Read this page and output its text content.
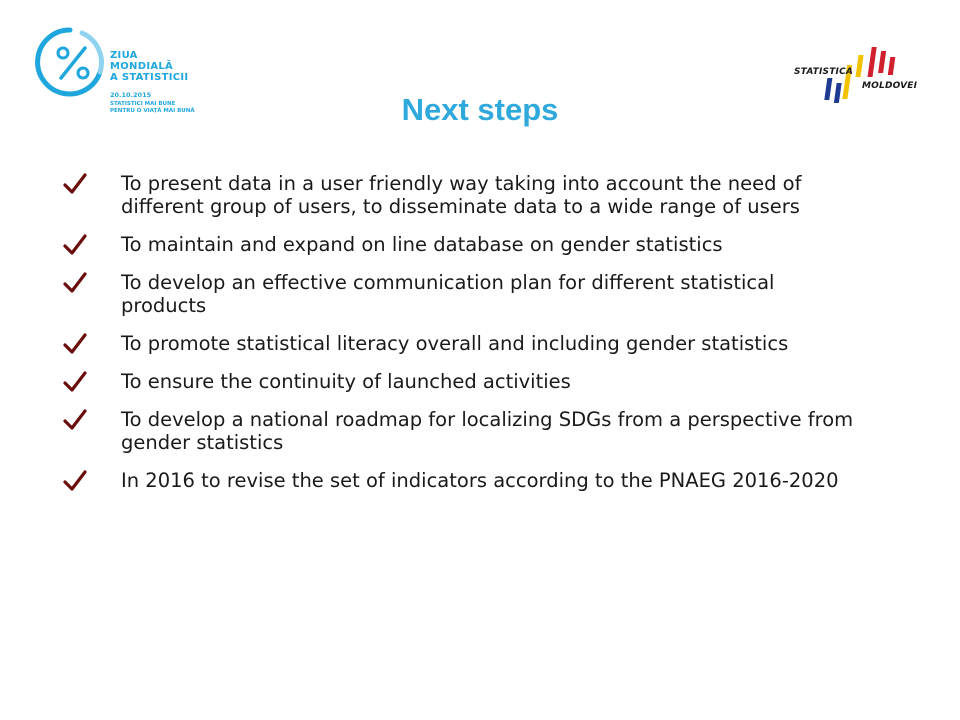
ZIUA
MONDIALĂ
A STATISTICII
20.10.2015
STATISTICI MAI BUNE
PENTRU O VIAȚĂ MAI BUNĂ
STATISTICA
MOLDOVEI
Next steps
To present data in a user friendly way taking into account the need of different group of users, to disseminate data to a wide range of users
To maintain and expand on line database on gender statistics
To develop an effective communication plan for different statistical products
To promote statistical literacy overall and including gender statistics
To ensure the continuity of launched activities
To develop a national roadmap for localizing SDGs from a perspective from gender statistics
In 2016 to revise the set of indicators according to the PNAEG 2016-2020
